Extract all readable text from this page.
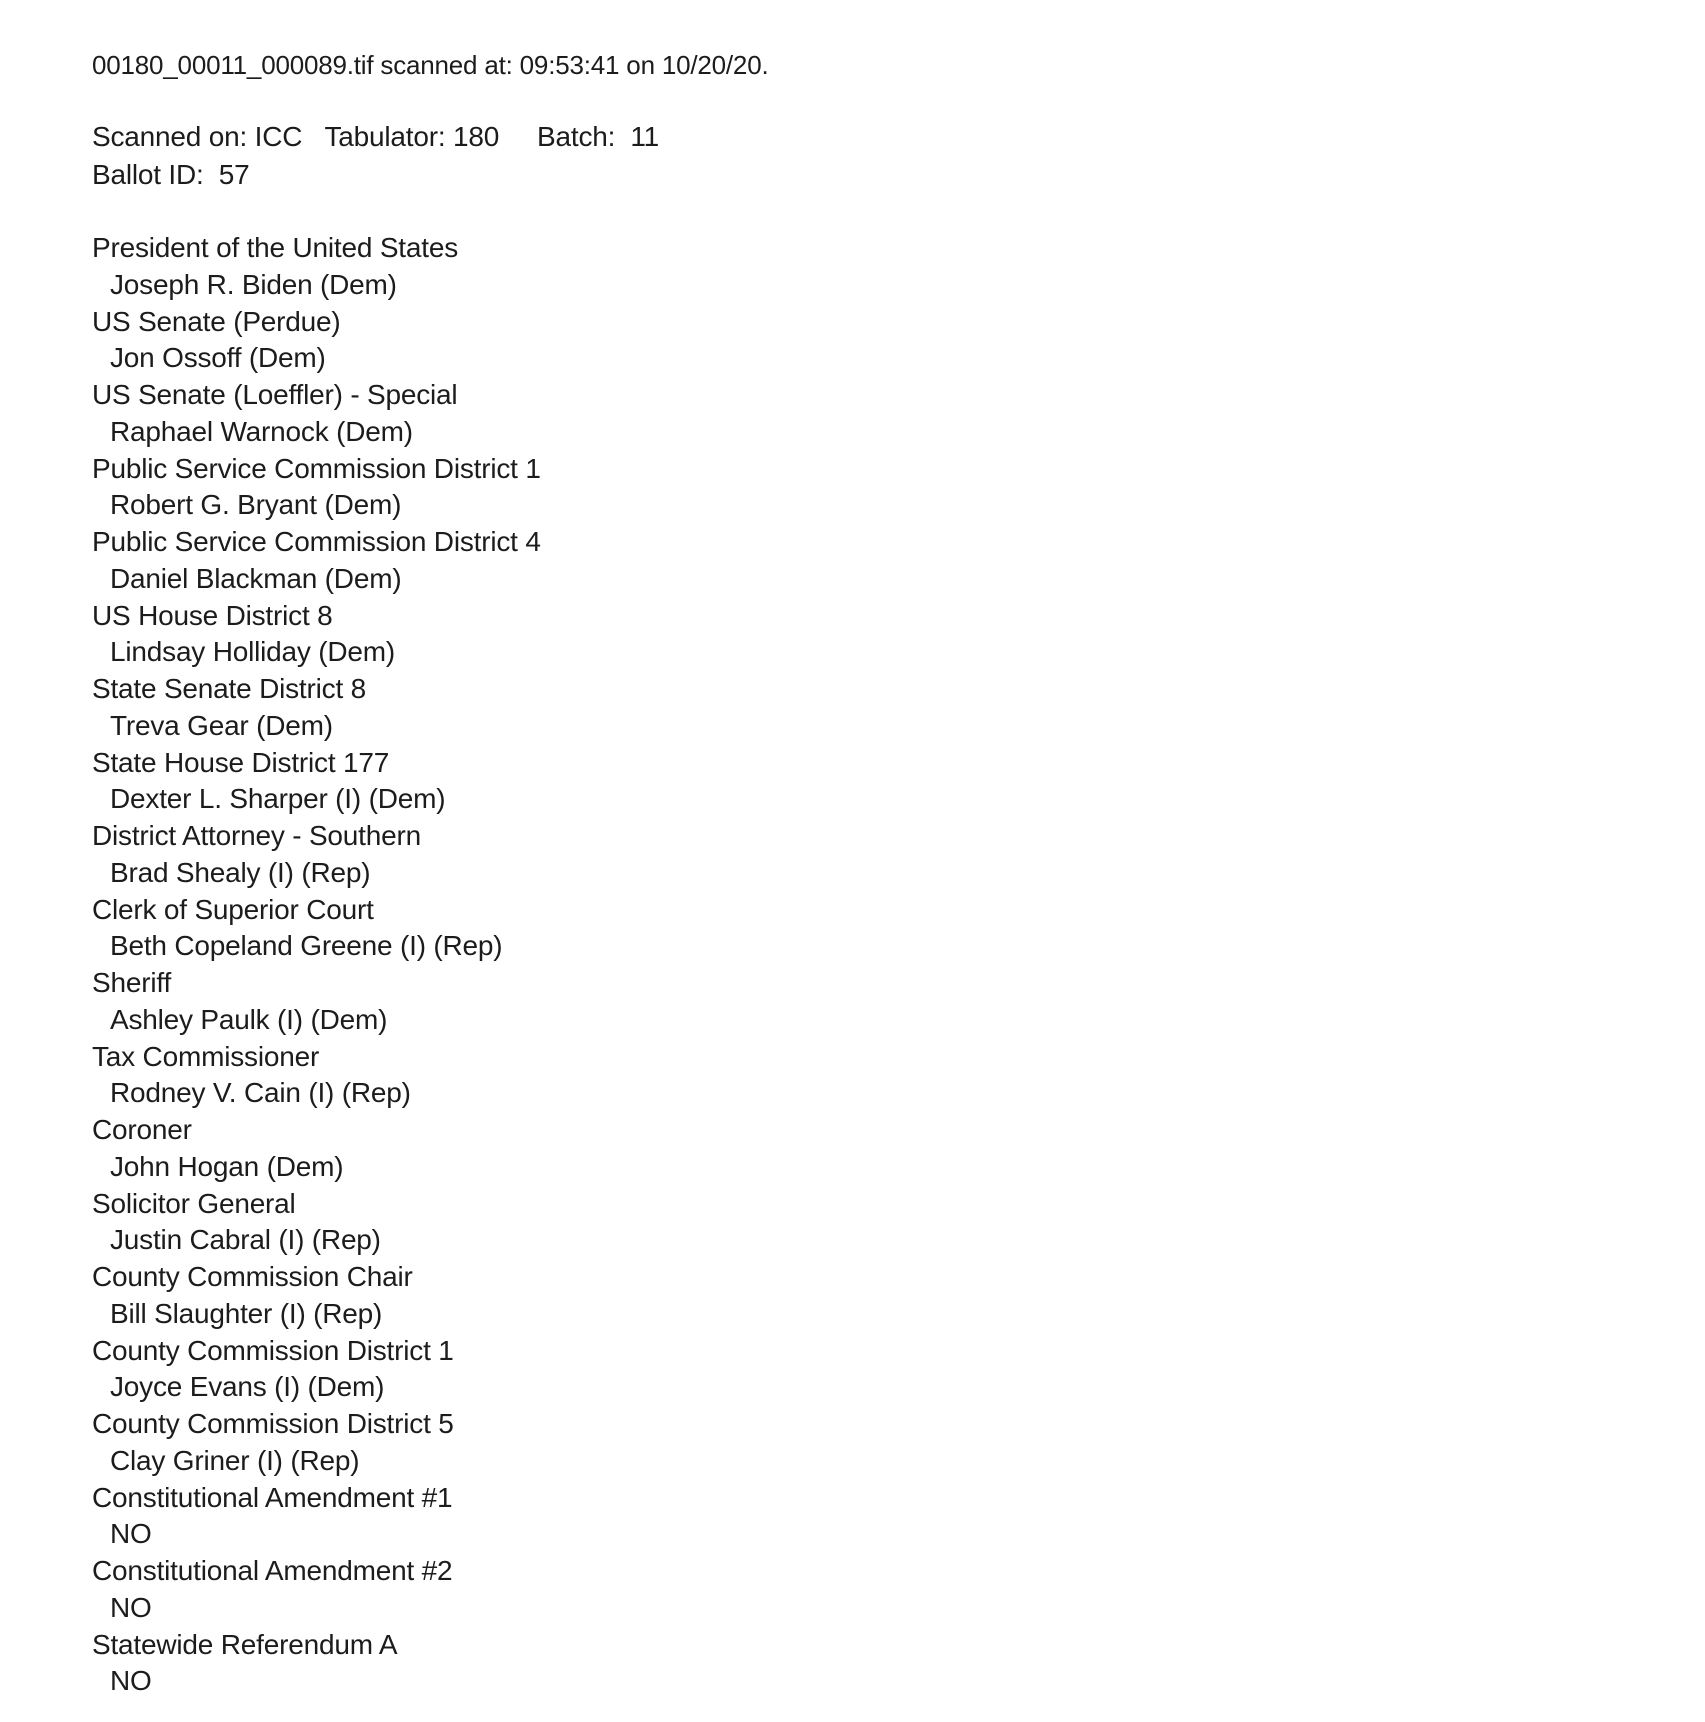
00180_00011_000089.tif scanned at: 09:53:41 on 10/20/20.
Scanned on: ICC   Tabulator: 180     Batch:  11
Ballot ID:  57
President of the United States
Joseph R. Biden (Dem)
US Senate (Perdue)
Jon Ossoff (Dem)
US Senate (Loeffler) - Special
Raphael Warnock (Dem)
Public Service Commission District 1
Robert G. Bryant (Dem)
Public Service Commission District 4
Daniel Blackman (Dem)
US House District 8
Lindsay Holliday (Dem)
State Senate District 8
Treva Gear (Dem)
State House District 177
Dexter L. Sharper (I) (Dem)
District Attorney - Southern
Brad Shealy (I) (Rep)
Clerk of Superior Court
Beth Copeland Greene (I) (Rep)
Sheriff
Ashley Paulk (I) (Dem)
Tax Commissioner
Rodney V. Cain (I) (Rep)
Coroner
John Hogan (Dem)
Solicitor General
Justin Cabral (I) (Rep)
County Commission Chair
Bill Slaughter (I) (Rep)
County Commission District 1
Joyce Evans (I) (Dem)
County Commission District 5
Clay Griner (I) (Rep)
Constitutional Amendment #1
NO
Constitutional Amendment #2
NO
Statewide Referendum A
NO
